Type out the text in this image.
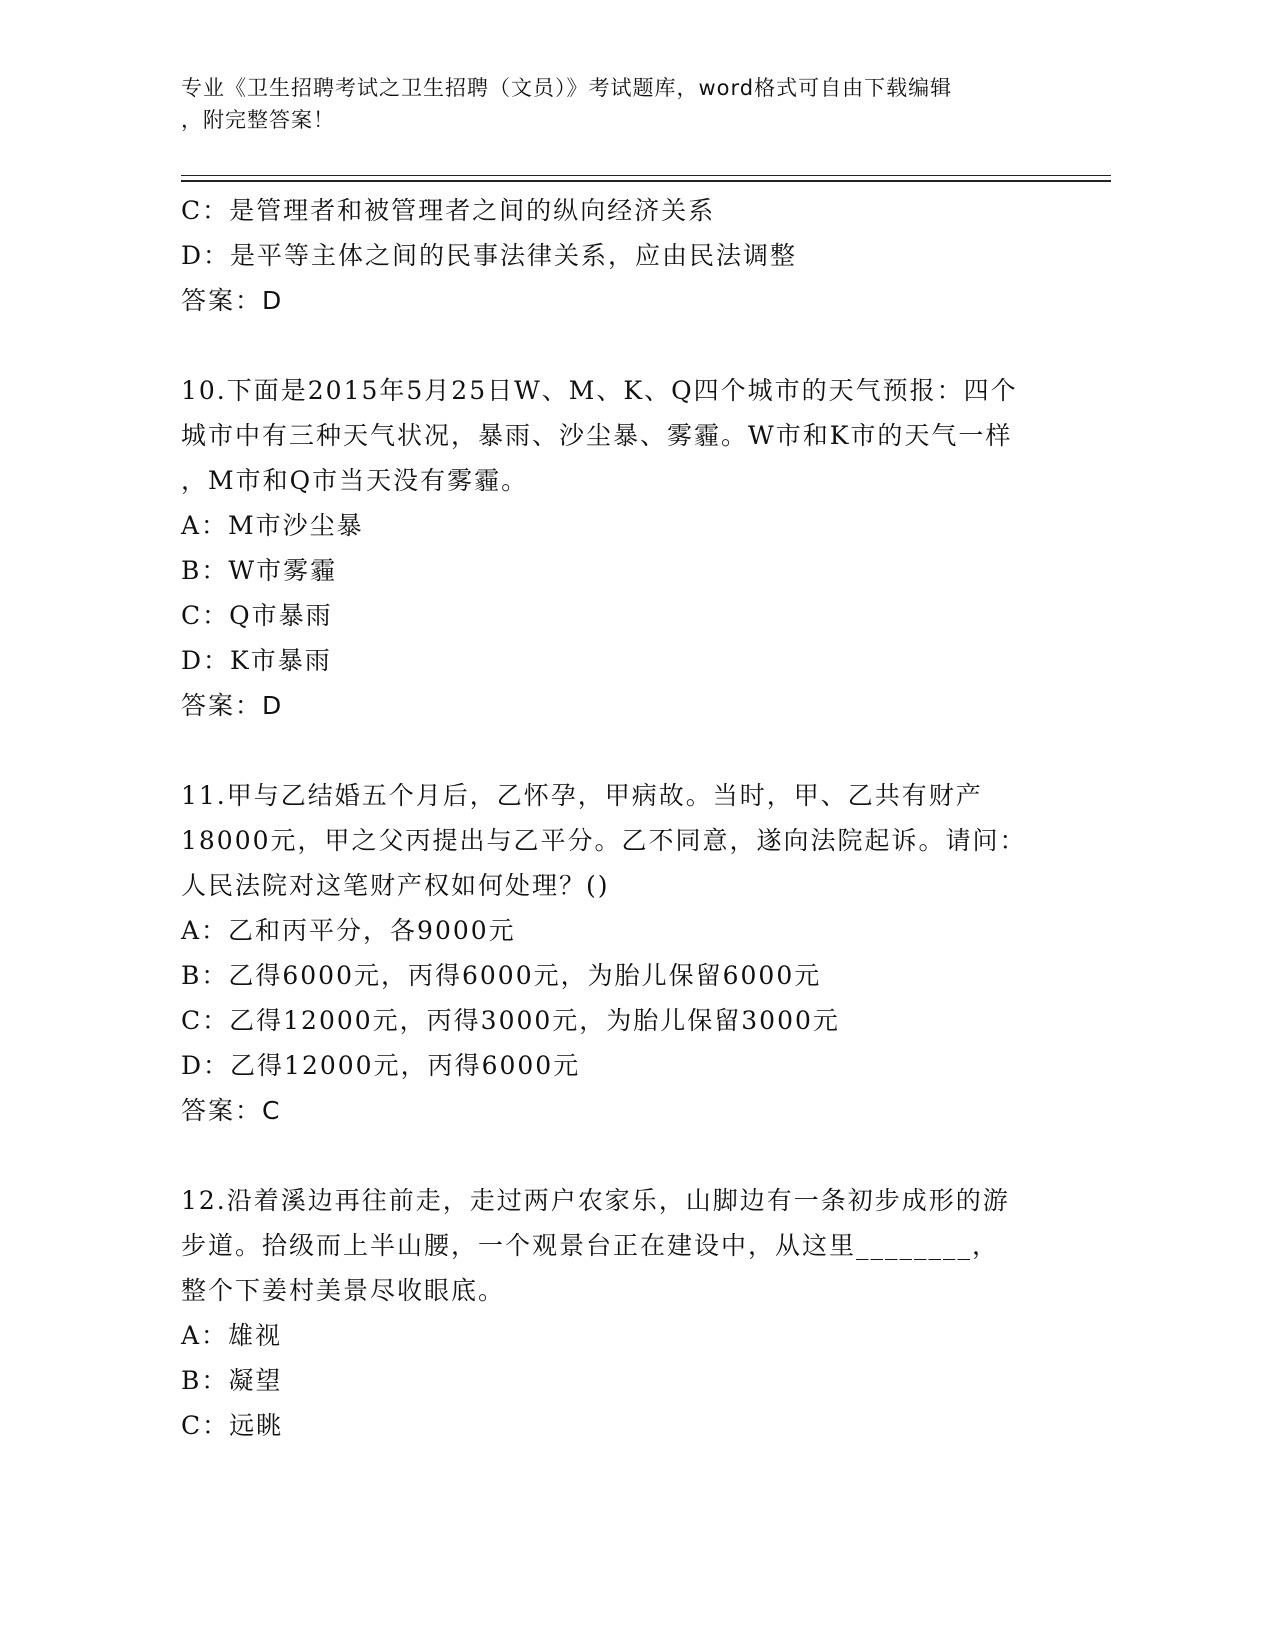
专业《卫生招聘考试之卫生招聘（文员）》考试题库，word格式可自由下载编辑
，附完整答案！
C：是管理者和被管理者之间的纵向经济关系
D：是平等主体之间的民事法律关系，应由民法调整
答案：D
10.下面是2015年5月25日W、M、K、Q四个城市的天气预报：四个
城市中有三种天气状况，暴雨、沙尘暴、雾霾。W市和K市的天气一样
，M市和Q市当天没有雾霾。
A：M市沙尘暴
B：W市雾霾
C：Q市暴雨
D：K市暴雨
答案：D
11.甲与乙结婚五个月后，乙怀孕，甲病故。当时，甲、乙共有财产
18000元，甲之父丙提出与乙平分。乙不同意，遂向法院起诉。请问：
人民法院对这笔财产权如何处理？()
A：乙和丙平分，各9000元
B：乙得6000元，丙得6000元，为胎儿保留6000元
C：乙得12000元，丙得3000元，为胎儿保留3000元
D：乙得12000元，丙得6000元
答案：C
12.沿着溪边再往前走，走过两户农家乐，山脚边有一条初步成形的游
步道。拾级而上半山腰，一个观景台正在建设中，从这里________，
整个下姜村美景尽收眼底。
A：雄视
B：凝望
C：远眺
